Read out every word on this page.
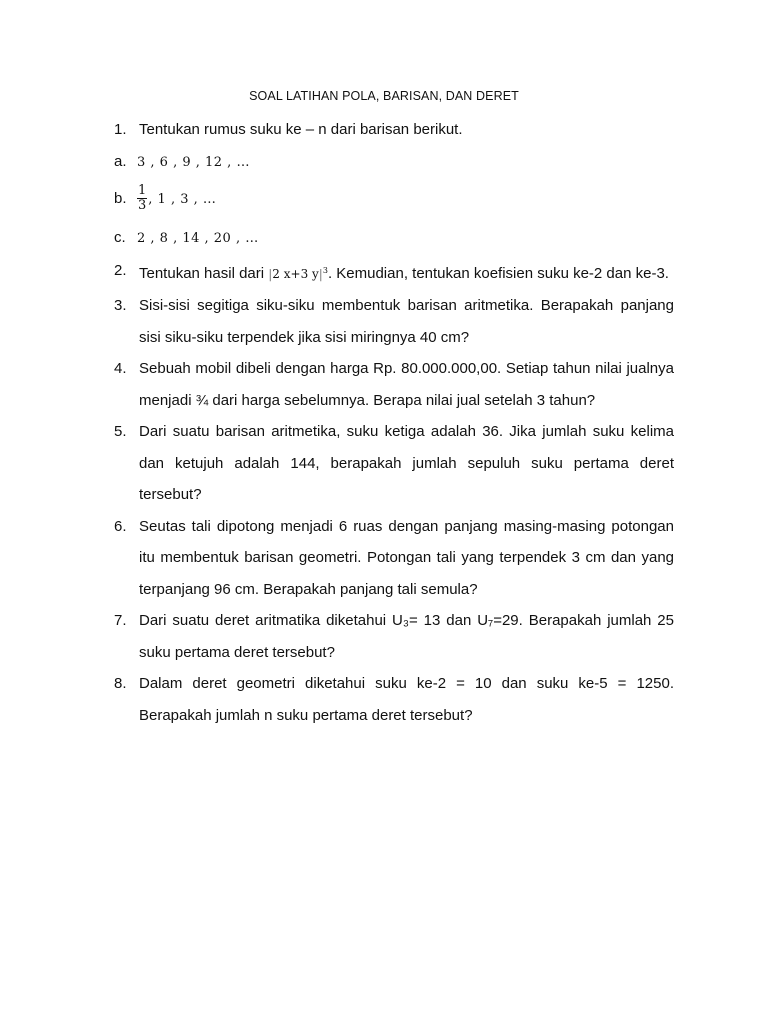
SOAL LATIHAN POLA, BARISAN, DAN DERET
1. Tentukan rumus suku ke – n dari barisan berikut.
a. 3 , 6 , 9 , 12 , …
b. $\frac{1}{3}$ , 1 , 3 , …
c. 2 , 8 , 14 , 20 , …
2. Tentukan hasil dari |2 x+3 $y|^3$. Kemudian, tentukan koefisien suku ke-2 dan ke-3.
3. Sisi-sisi segitiga siku-siku membentuk barisan aritmetika. Berapakah panjang sisi siku-siku terpendek jika sisi miringnya 40 cm?
4. Sebuah mobil dibeli dengan harga Rp. 80.000.000,00. Setiap tahun nilai jualnya menjadi ¾ dari harga sebelumnya. Berapa nilai jual setelah 3 tahun?
5. Dari suatu barisan aritmetika, suku ketiga adalah 36. Jika jumlah suku kelima dan ketujuh adalah 144, berapakah jumlah sepuluh suku pertama deret tersebut?
6. Seutas tali dipotong menjadi 6 ruas dengan panjang masing-masing potongan itu membentuk barisan geometri. Potongan tali yang terpendek 3 cm dan yang terpanjang 96 cm. Berapakah panjang tali semula?
7. Dari suatu deret aritmatika diketahui U₃= 13 dan U₇=29. Berapakah jumlah 25 suku pertama deret tersebut?
8. Dalam deret geometri diketahui suku ke-2 = 10 dan suku ke-5 = 1250. Berapakah jumlah n suku pertama deret tersebut?
